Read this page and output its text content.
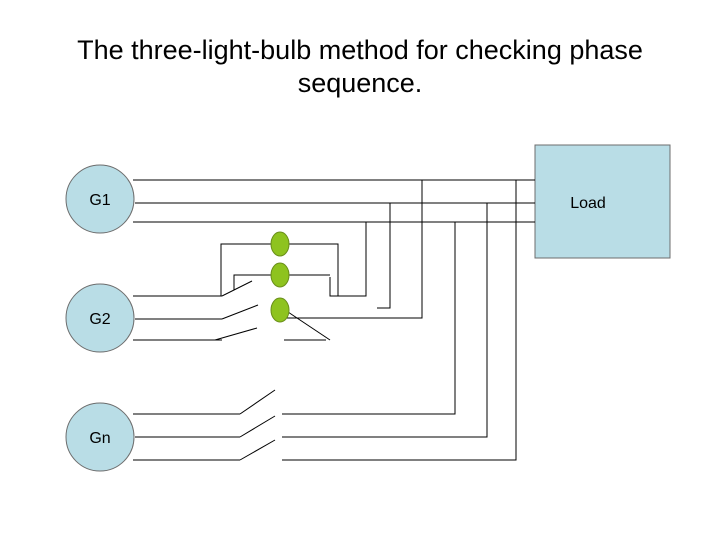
The three-light-bulb method for checking phase sequence.
Load
G1
G2
Gn
